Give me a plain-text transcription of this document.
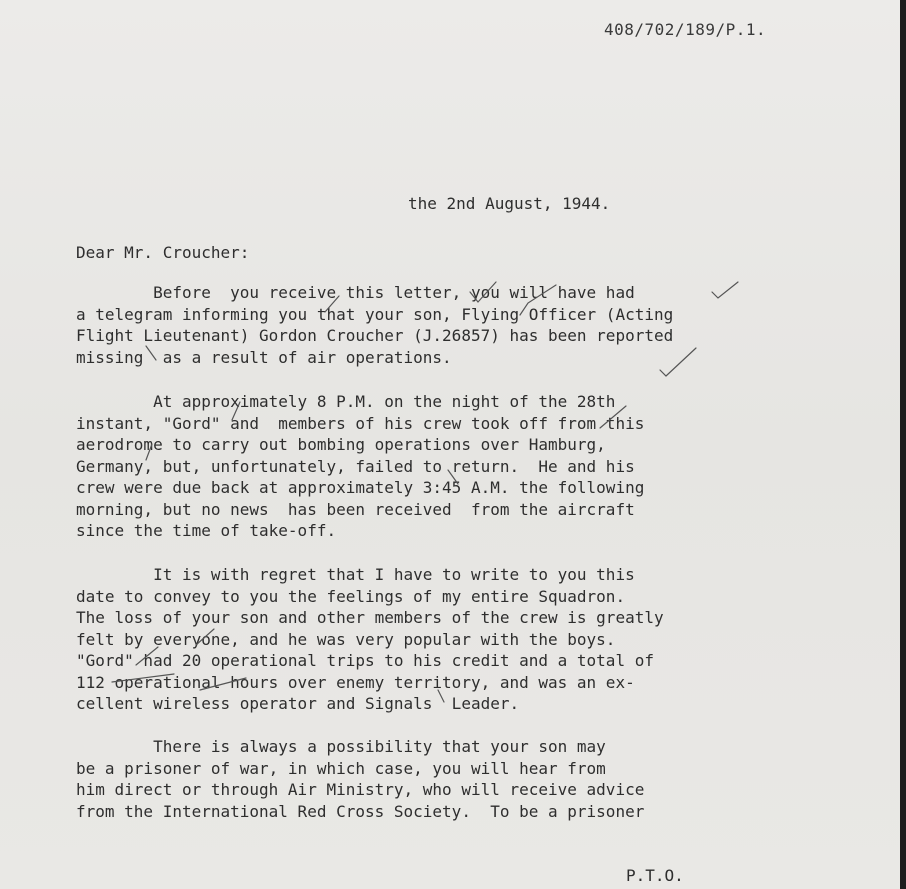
408/702/189/P.1.
the 2nd August, 1944.
Dear Mr. Croucher:

Before  you receive this letter, you will have had
a telegram informing you that your son, Flying Officer (Acting
Flight Lieutenant) Gordon Croucher (J.26857) has been reported
missing  as a result of air operations.

At approximately 8 P.M. on the night of the 28th
instant, "Gord" and  members of his crew took off from this
aerodrome to carry out bombing operations over Hamburg,
Germany, but, unfortunately, failed to return.  He and his
crew were due back at approximately 3:45 A.M. the following
morning, but no news  has been received  from the aircraft
since the time of take-off.

It is with regret that I have to write to you this
date to convey to you the feelings of my entire Squadron.
The loss of your son and other members of the crew is greatly
felt by everyone, and he was very popular with the boys.
"Gord" had 20 operational trips to his credit and a total of
112 operational hours over enemy territory, and was an ex-
cellent wireless operator and Signals  Leader.

There is always a possibility that your son may
be a prisoner of war, in which case, you will hear from
him direct or through Air Ministry, who will receive advice
from the International Red Cross Society.  To be a prisoner

P.T.O.
